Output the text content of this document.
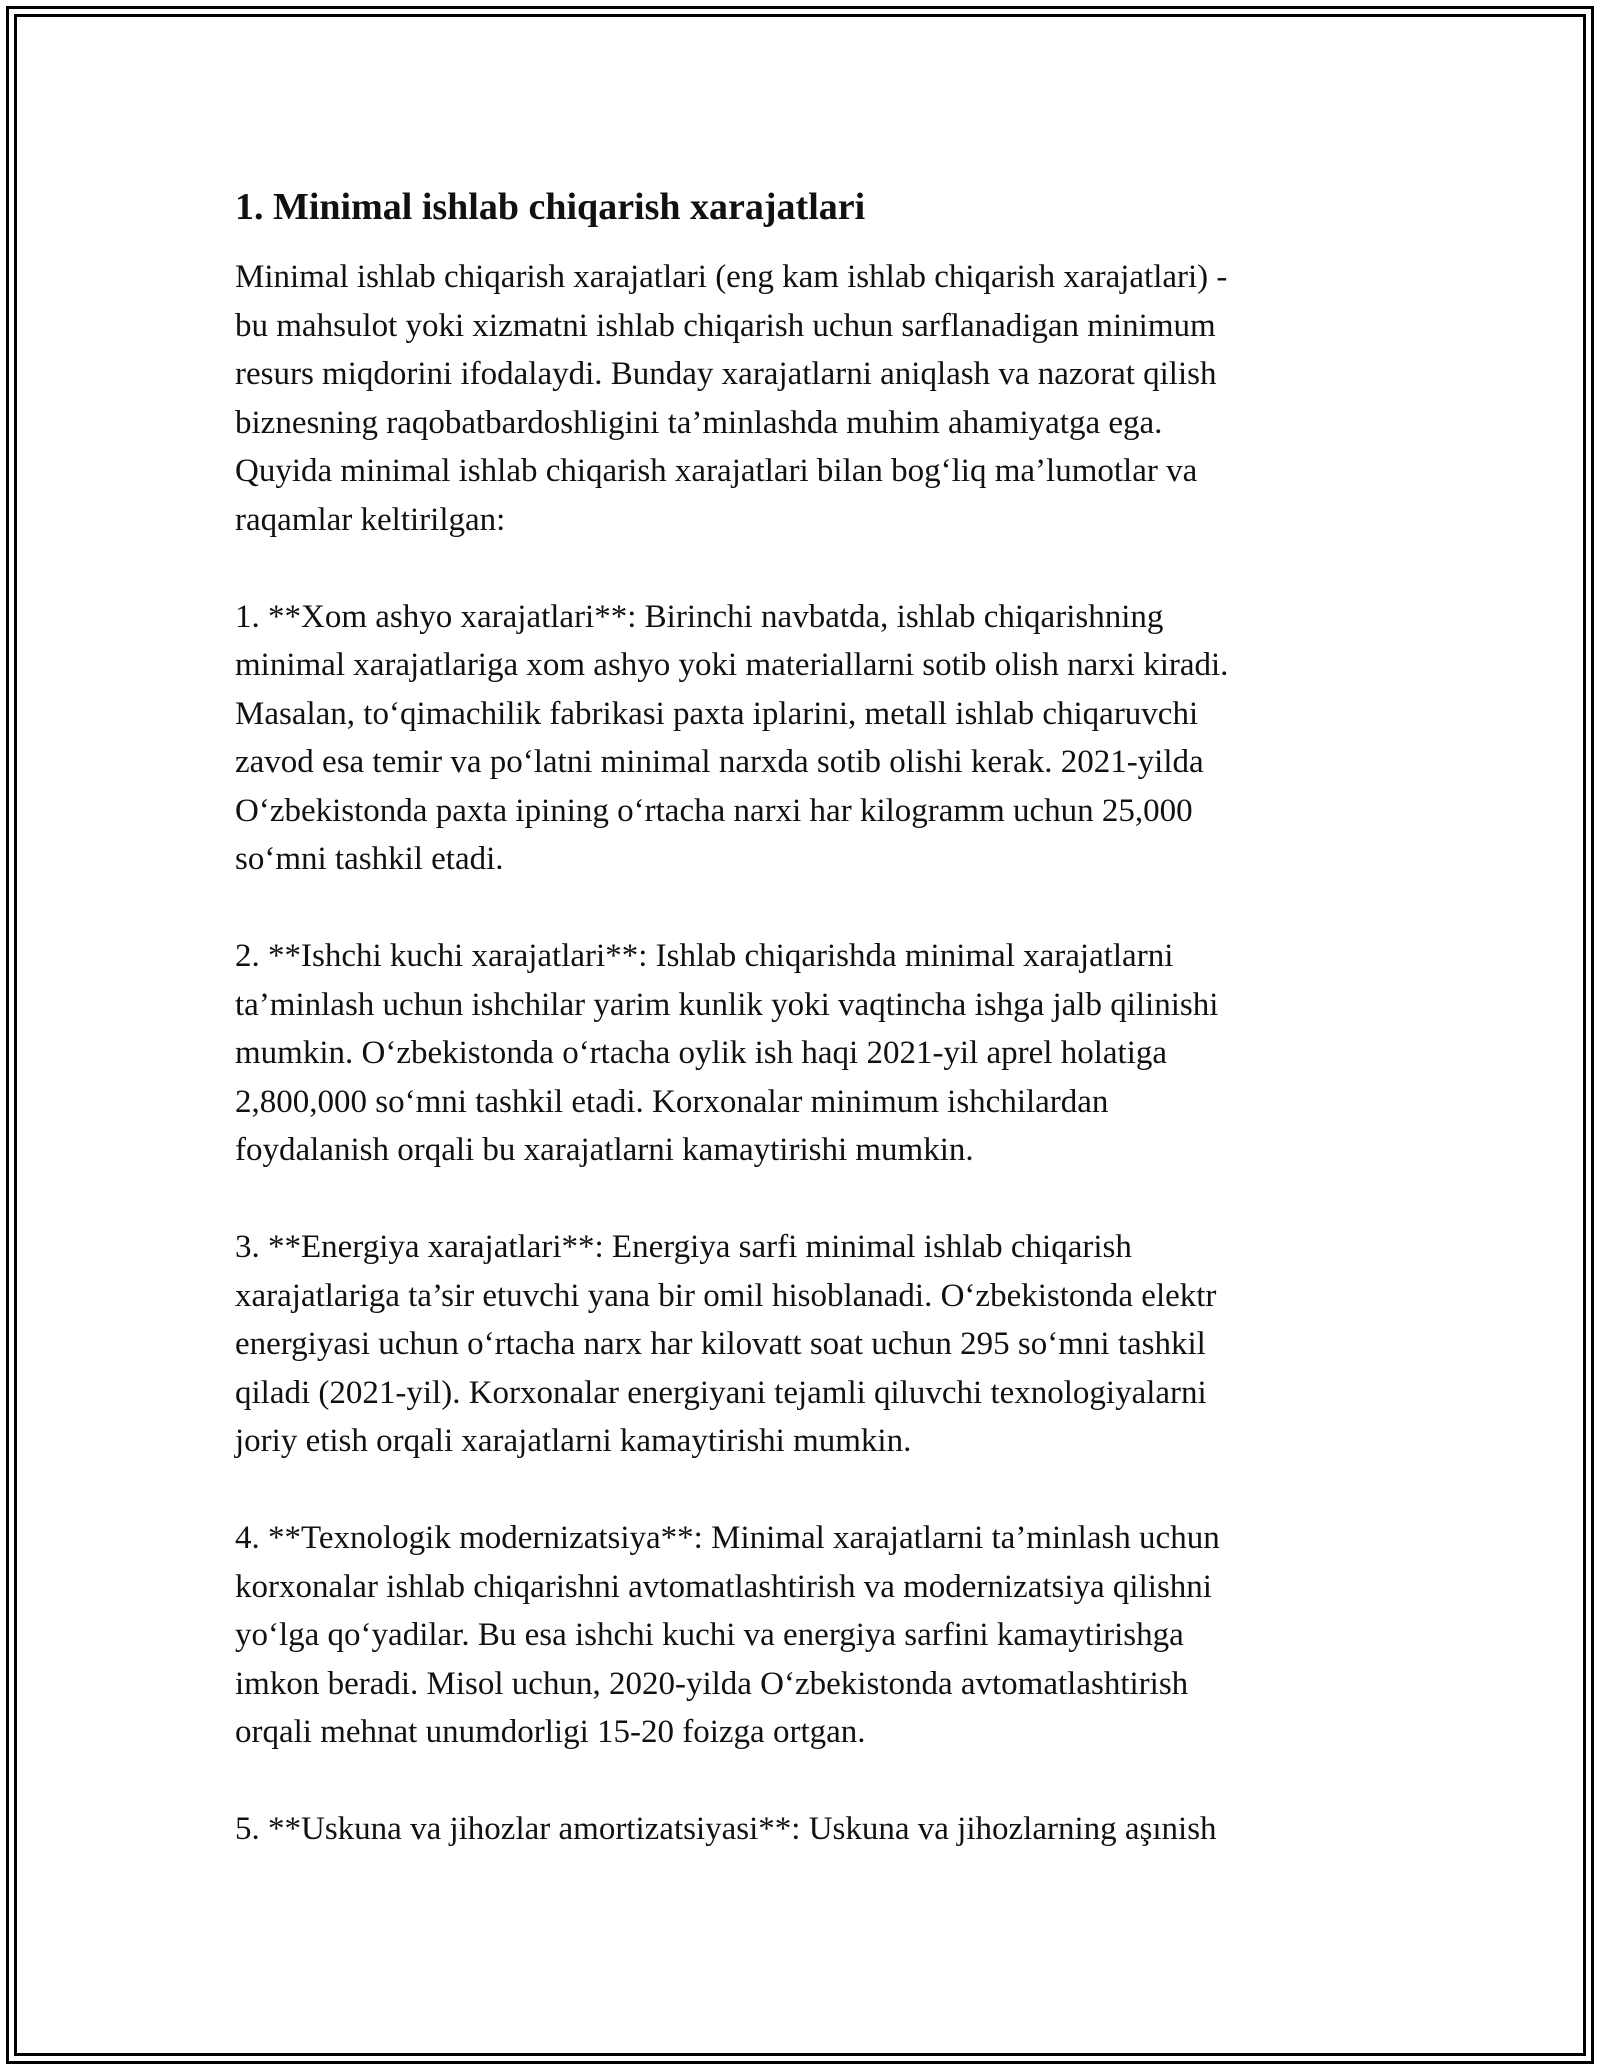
1. Minimal ishlab chiqarish xarajatlari
Minimal ishlab chiqarish xarajatlari (eng kam ishlab chiqarish xarajatlari) -
bu mahsulot yoki xizmatni ishlab chiqarish uchun sarflanadigan minimum
resurs miqdorini ifodalaydi. Bunday xarajatlarni aniqlash va nazorat qilish
biznesning raqobatbardoshligini ta’minlashda muhim ahamiyatga ega.
Quyida minimal ishlab chiqarish xarajatlari bilan bog‘liq ma’lumotlar va
raqamlar keltirilgan:
1. **Xom ashyo xarajatlari**: Birinchi navbatda, ishlab chiqarishning
minimal xarajatlariga xom ashyo yoki materiallarni sotib olish narxi kiradi.
Masalan, to‘qimachilik fabrikasi paxta iplarini, metall ishlab chiqaruvchi
zavod esa temir va po‘latni minimal narxda sotib olishi kerak. 2021-yilda
O‘zbekistonda paxta ipining o‘rtacha narxi har kilogramm uchun 25,000
so‘mni tashkil etadi.
2. **Ishchi kuchi xarajatlari**: Ishlab chiqarishda minimal xarajatlarni
ta’minlash uchun ishchilar yarim kunlik yoki vaqtincha ishga jalb qilinishi
mumkin. O‘zbekistonda o‘rtacha oylik ish haqi 2021-yil aprel holatiga
2,800,000 so‘mni tashkil etadi. Korxonalar minimum ishchilardan
foydalanish orqali bu xarajatlarni kamaytirishi mumkin.
3. **Energiya xarajatlari**: Energiya sarfi minimal ishlab chiqarish
xarajatlariga ta’sir etuvchi yana bir omil hisoblanadi. O‘zbekistonda elektr
energiyasi uchun o‘rtacha narx har kilovatt soat uchun 295 so‘mni tashkil
qiladi (2021-yil). Korxonalar energiyani tejamli qiluvchi texnologiyalarni
joriy etish orqali xarajatlarni kamaytirishi mumkin.
4. **Texnologik modernizatsiya**: Minimal xarajatlarni ta’minlash uchun
korxonalar ishlab chiqarishni avtomatlashtirish va modernizatsiya qilishni
yo‘lga qo‘yadilar. Bu esa ishchi kuchi va energiya sarfini kamaytirishga
imkon beradi. Misol uchun, 2020-yilda O‘zbekistonda avtomatlashtirish
orqali mehnat unumdorligi 15-20 foizga ortgan.
5. **Uskuna va jihozlar amortizatsiyasi**: Uskuna va jihozlarning aşınish
